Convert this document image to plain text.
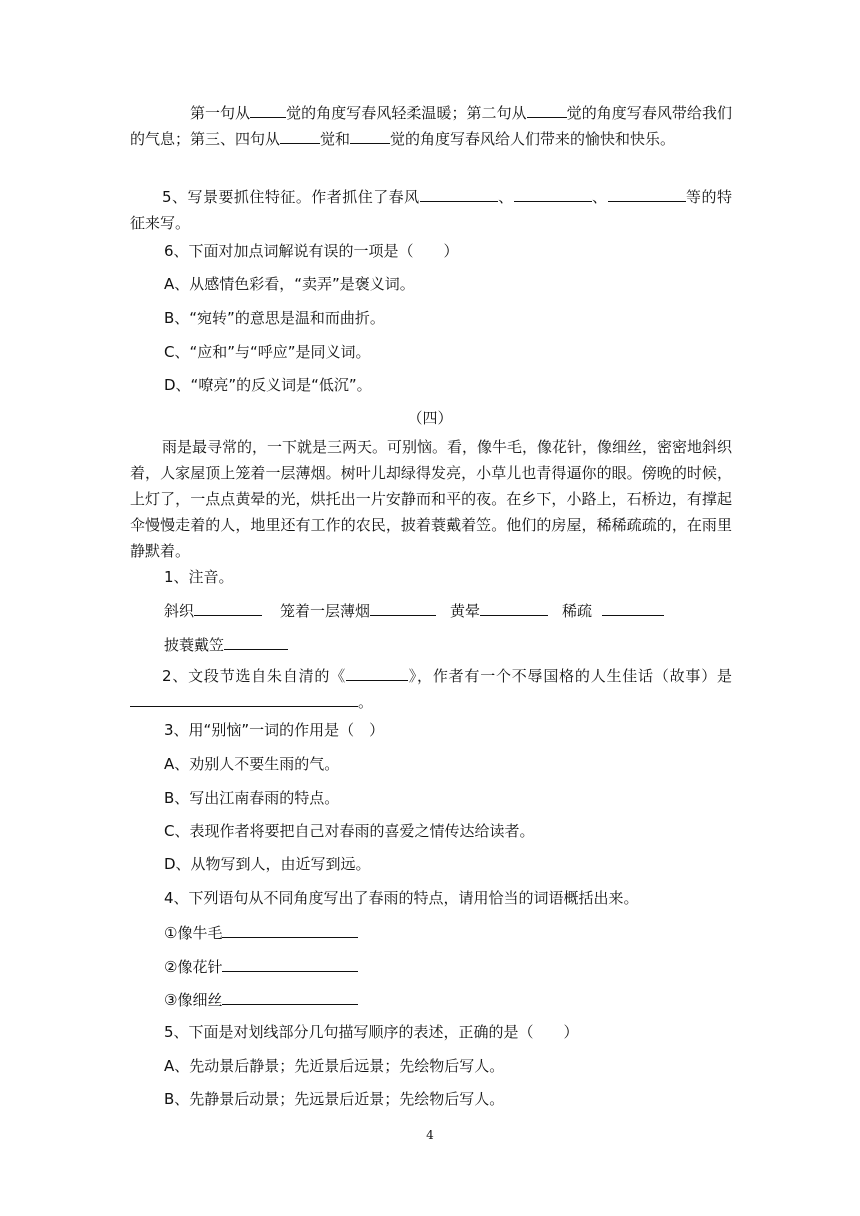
第一句从 觉的角度写春风轻柔温暖；第二句从	觉的角度写春风带给我们的气息；第三、四句从	觉和	觉的角度写春风给人们带来的愉快和快乐。
5、写景要抓住特征。作者抓住了春风	、	、	等的特征来写。
6、下面对加点词解说有误的一项是（　　）
A、从感情色彩看，“卖弄”是褒义词。
B、“宛转”的意思是温和而曲折。
C、“应和”与“呼应”是同义词。
D、“嘹亮”的反义词是“低沉”。
（四）
雨是最寻常的，一下就是三两天。可别恼。看，像牛毛，像花针，像细丝，密密地斜织着，人家屋顶上笼着一层薄烟。树叶儿却绿得发亮，小草儿也青得逼你的眼。傍晚的时候，上灯了，一点点黄晕的光，烘托出一片安静而和平的夜。在乡下，小路上，石桥边，有撑起伞慢慢走着的人，地里还有工作的农民，披着蓑戴着笠。他们的房屋，稀稀疏疏的，在雨里静默着。
1、注音。
斜织	笼着一层薄烟	黄晕	稀疏
披蓑戴笠
2、文段节选自朱自清的《	》，作者有一个不辱国格的人生佳话（故事）是。
3、用“别恼”一词的作用是（　）
A、劝别人不要生雨的气。
B、写出江南春雨的特点。
C、表现作者将要把自己对春雨的喜爱之情传达给读者。
D、从物写到人，由近写到远。
4、下列语句从不同角度写出了春雨的特点，请用恰当的词语概括出来。
①像牛毛
②像花针
③像细丝
5、下面是对划线部分几句描写顺序的表述，正确的是（　　）
A、先动景后静景；先近景后远景；先绘物后写人。
B、先静景后动景；先远景后近景；先绘物后写人。
4
